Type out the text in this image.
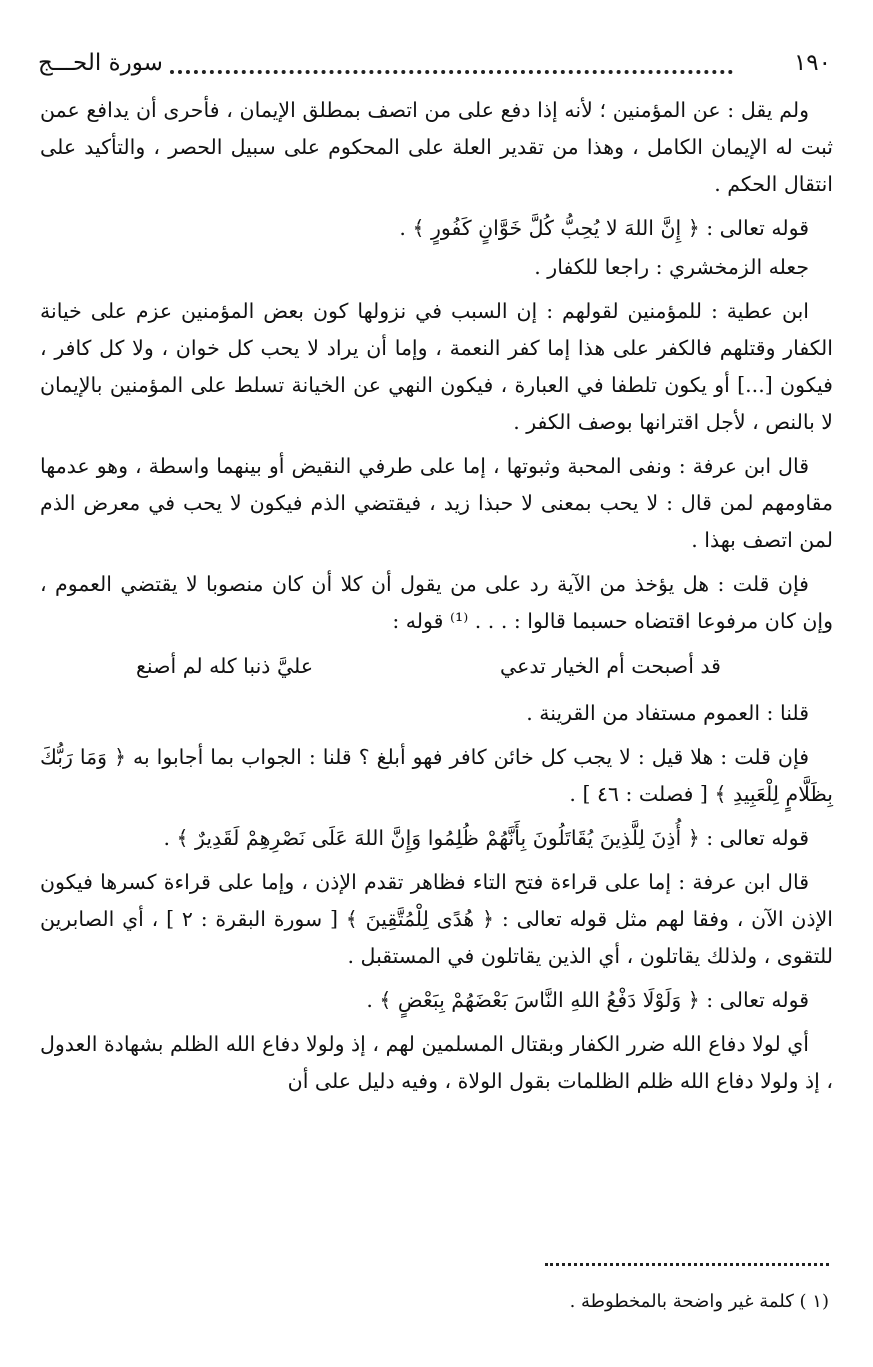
١٩٠
سورة الحـــج

ولم يقل : عن المؤمنين ؛ لأنه إذا دفع على من اتصف بمطلق الإيمان ، فأحرى أن يدافع عمن ثبت له الإيمان الكامل ، وهذا من تقدير العلة على المحكوم على سبيل الحصر ، والتأكيد على انتقال الحكم .

قوله تعالى : ﴿ إِنَّ اللهَ لا يُحِبُّ كُلَّ خَوَّانٍ كَفُورٍ ﴾ .

جعله الزمخشري : راجعا للكفار .

ابن عطية : للمؤمنين لقولهم : إن السبب في نزولها كون بعض المؤمنين عزم على خيانة الكفار وقتلهم فالكفر على هذا إما كفر النعمة ، وإما أن يراد لا يحب كل خوان ، ولا كل كافر ، فيكون [...] أو يكون تلطفا في العبارة ، فيكون النهي عن الخيانة تسلط على المؤمنين بالإيمان لا بالنص ، لأجل اقترانها بوصف الكفر .

قال ابن عرفة : ونفى المحبة وثبوتها ، إما على طرفي النقيض أو بينهما واسطة ، وهو عدمها مقاومهم لمن قال : لا يحب بمعنى لا حبذا زيد ، فيقتضي الذم فيكون لا يحب في معرض الذم لمن اتصف بهذا .

فإن قلت : هل يؤخذ من الآية رد على من يقول أن كلا أن كان منصوبا لا يقتضي العموم ، وإن كان مرفوعا اقتضاه حسبما قالوا : . . . ⁽¹⁾ قوله :

قد أصبحت أم الخيار تدعي
عليَّ ذنبا كله لم أصنع

قلنا : العموم مستفاد من القرينة .

فإن قلت : هلا قيل : لا يجب كل خائن كافر فهو أبلغ ؟ قلنا : الجواب بما أجابوا به ﴿ وَمَا رَبُّكَ بِظَلَّامٍ لِلْعَبِيدِ ﴾ [ فصلت : ٤٦ ] .

قوله تعالى : ﴿ أُذِنَ لِلَّذِينَ يُقَاتَلُونَ بِأَنَّهُمْ ظُلِمُوا وَإِنَّ اللهَ عَلَى نَصْرِهِمْ لَقَدِيرٌ ﴾ .

قال ابن عرفة : إما على قراءة فتح التاء فظاهر تقدم الإذن ، وإما على قراءة كسرها فيكون الإذن الآن ، وفقا لهم مثل قوله تعالى : ﴿ هُدًى لِلْمُتَّقِينَ ﴾ [ سورة البقرة : ٢ ] ، أي الصابرين للتقوى ، ولذلك يقاتلون ، أي الذين يقاتلون في المستقبل .

قوله تعالى : ﴿ وَلَوْلَا دَفْعُ اللهِ النَّاسَ بَعْضَهُمْ بِبَعْضٍ ﴾ .

أي لولا دفاع الله ضرر الكفار وبقتال المسلمين لهم ، إذ ولولا دفاع الله الظلم بشهادة العدول ، إذ ولولا دفاع الله ظلم الظلمات بقول الولاة ، وفيه دليل على أن

(١ ) كلمة غير واضحة بالمخطوطة .
